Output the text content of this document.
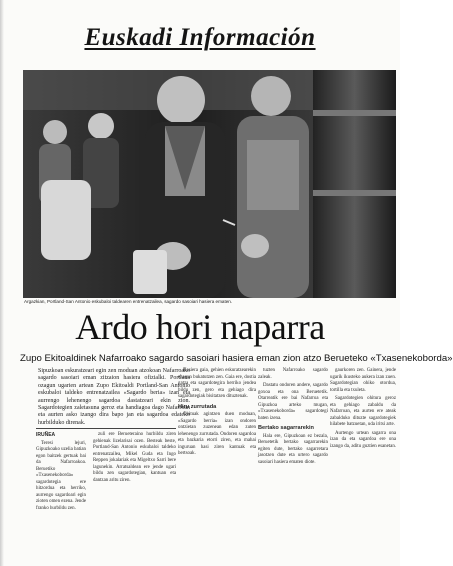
Euskadi Información
Argazkian, Portland-San Antonio eskubaloi taldearen entrenatzailea, sagardo sasoiari hasiera ematen.
Ardo hori naparra
Zupo Ekitoaldinek Nafarroako sagardo sasoiari hasiera eman zion atzo Berueteko «Txasenekoborda»
Sipuzkoan eskuratzeari egin zen moduan atzokoan Nafarroako sagardo sasoiari eman zitzaion hasiera ofizialki. Portlana ozagun ugarien artean Zupo Ekitoaldi Portland-San Antonio eskubaloi taldeko entrenatzailea «Sagardo beria» izan eta aurrengo lehenengo sagardoa dastatzeari ekin zion. Sagardotegien zaletasuna geroz eta handiagoa dago Nafarroan eta aurten asko izango dira bapo jan eta sagardoa edateko hurbilduko direnak.

IRUÑEA

Teresi lejuri, Gipuzkoako uzelia batian egon baitzek gertuak bai da Nafarroakoa. Beruetiko «Txasenekoborda» sagardotegia ere hitzordua eta herriko, aurrengo sagardoari egin zioten omen ezena. Jende franko hurbildu zen.

zuli ere Berueteraino hurbildu ziren gehienak lizelarisai ozen. Besteak beste, Portland-San Antonio eskubaloi taldeko entrenatzailea, Mikel Guda eta Ingo Reppen jokalariak eta Migeltxo Sarri bere lagunekin. Arratsaldean ere jende ugari bildu zen sagardotegian, kantuan eta dantzan aritu ziren.

Hasiera gaia, gehien eskuratzearekin ezagun bukatutzen zen. Gaia ere, dostia gatza eta sagardotegira herriko jendea bildu zen, gero eta gehiago dira sagardotegiak bisitatzen dituztenak.

Hiru zurrutada

Ohituak agintzen duen moduan, «Sagardo berria» izan ondoren ontzietan zuzenean edan zuten lehenengo zurrutada. Ondoren sagardoa eta bazkaria etorri ziren, eta mahai inguruan hasi ziren kantuak eta bertsoak.

tuzten Nafarroako sagardo zaleak.

Dastatu ondoren andere, sagardo goxoa eta ona Beruetetik. Otarreatik ere bai Nafarroa eta Gipuzkoa arteko mugan, «Txasenekoborda» sagardotegi baten izena.

Bertako sagarrarekin

Hala ere, Gipuzkoan ez bezala, Beruetetik bertako sagarrarekin egiten dute, bertako sagarretara jasotzen dute eta urtero sagardo sasoiari hasiera ematen diote.

gaurkoren zen. Gainera, jende ugarik ikusteko aukera izan zuen. Sagardotegian ohiko otordua, tortilla eta txuleta.

Sagardotegien ohitura geroz eta gehiago zabaldu da Nafarroan, eta aurten ere ateak zabalduko dituzte sagardotegiek hilabete batzuetan, uda iritsi arte.

Aurtengo urtean sagarra ona izan da eta sagardoa ere ona izango da, aditu guztien esanetan.
